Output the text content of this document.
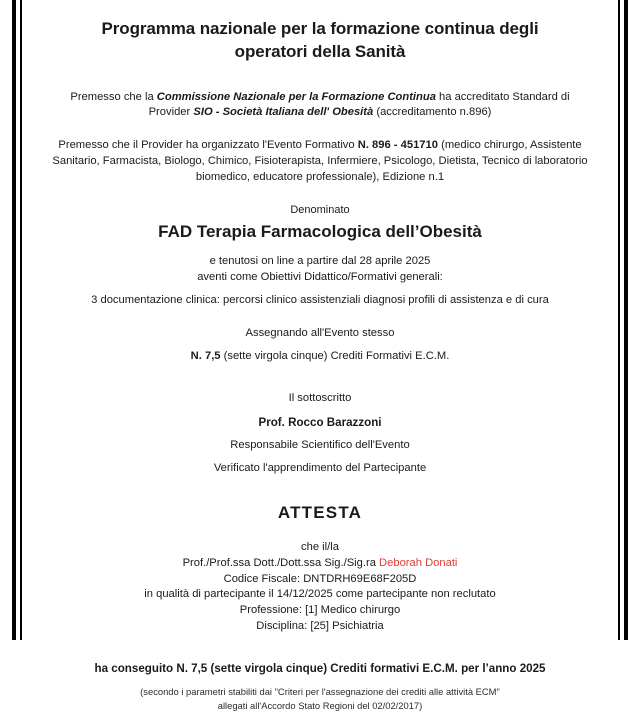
Programma nazionale per la formazione continua degli
operatori della Sanità

Premesso che la Commissione Nazionale per la Formazione Continua ha accreditato Standard di
Provider SIO - Società Italiana dell' Obesità (accreditamento n.896)

Premesso che il Provider ha organizzato l'Evento Formativo N. 896 - 451710 (medico chirurgo, Assistente
Sanitario, Farmacista, Biologo, Chimico, Fisioterapista, Infermiere, Psicologo, Dietista, Tecnico di laboratorio
biomedico, educatore professionale), Edizione n.1

Denominato

FAD Terapia Farmacologica dell’Obesità

e tenutosi on line a partire dal 28 aprile 2025

aventi come Obiettivi Didattico/Formativi generali:

3 documentazione clinica: percorsi clinico assistenziali diagnosi profili di assistenza e di cura

Assegnando all'Evento stesso

N. 7,5 (sette virgola cinque) Crediti Formativi E.C.M.

Il sottoscritto

Prof. Rocco Barazzoni

Responsabile Scientifico dell'Evento

Verificato l'apprendimento del Partecipante

ATTESTA

che il/la

Prof./Prof.ssa Dott./Dott.ssa Sig./Sig.ra Deborah Donati

Codice Fiscale: DNTDRH69E68F205D

in qualità di partecipante il 14/12/2025 come partecipante non reclutato

Professione: [1] Medico chirurgo

Disciplina: [25] Psichiatria

ha conseguito N. 7,5 (sette virgola cinque) Crediti formativi E.C.M. per l’anno 2025

(secondo i parametri stabiliti dai "Criteri per l'assegnazione dei crediti alle attività ECM"
allegati all'Accordo Stato Regioni del 02/02/2017)
